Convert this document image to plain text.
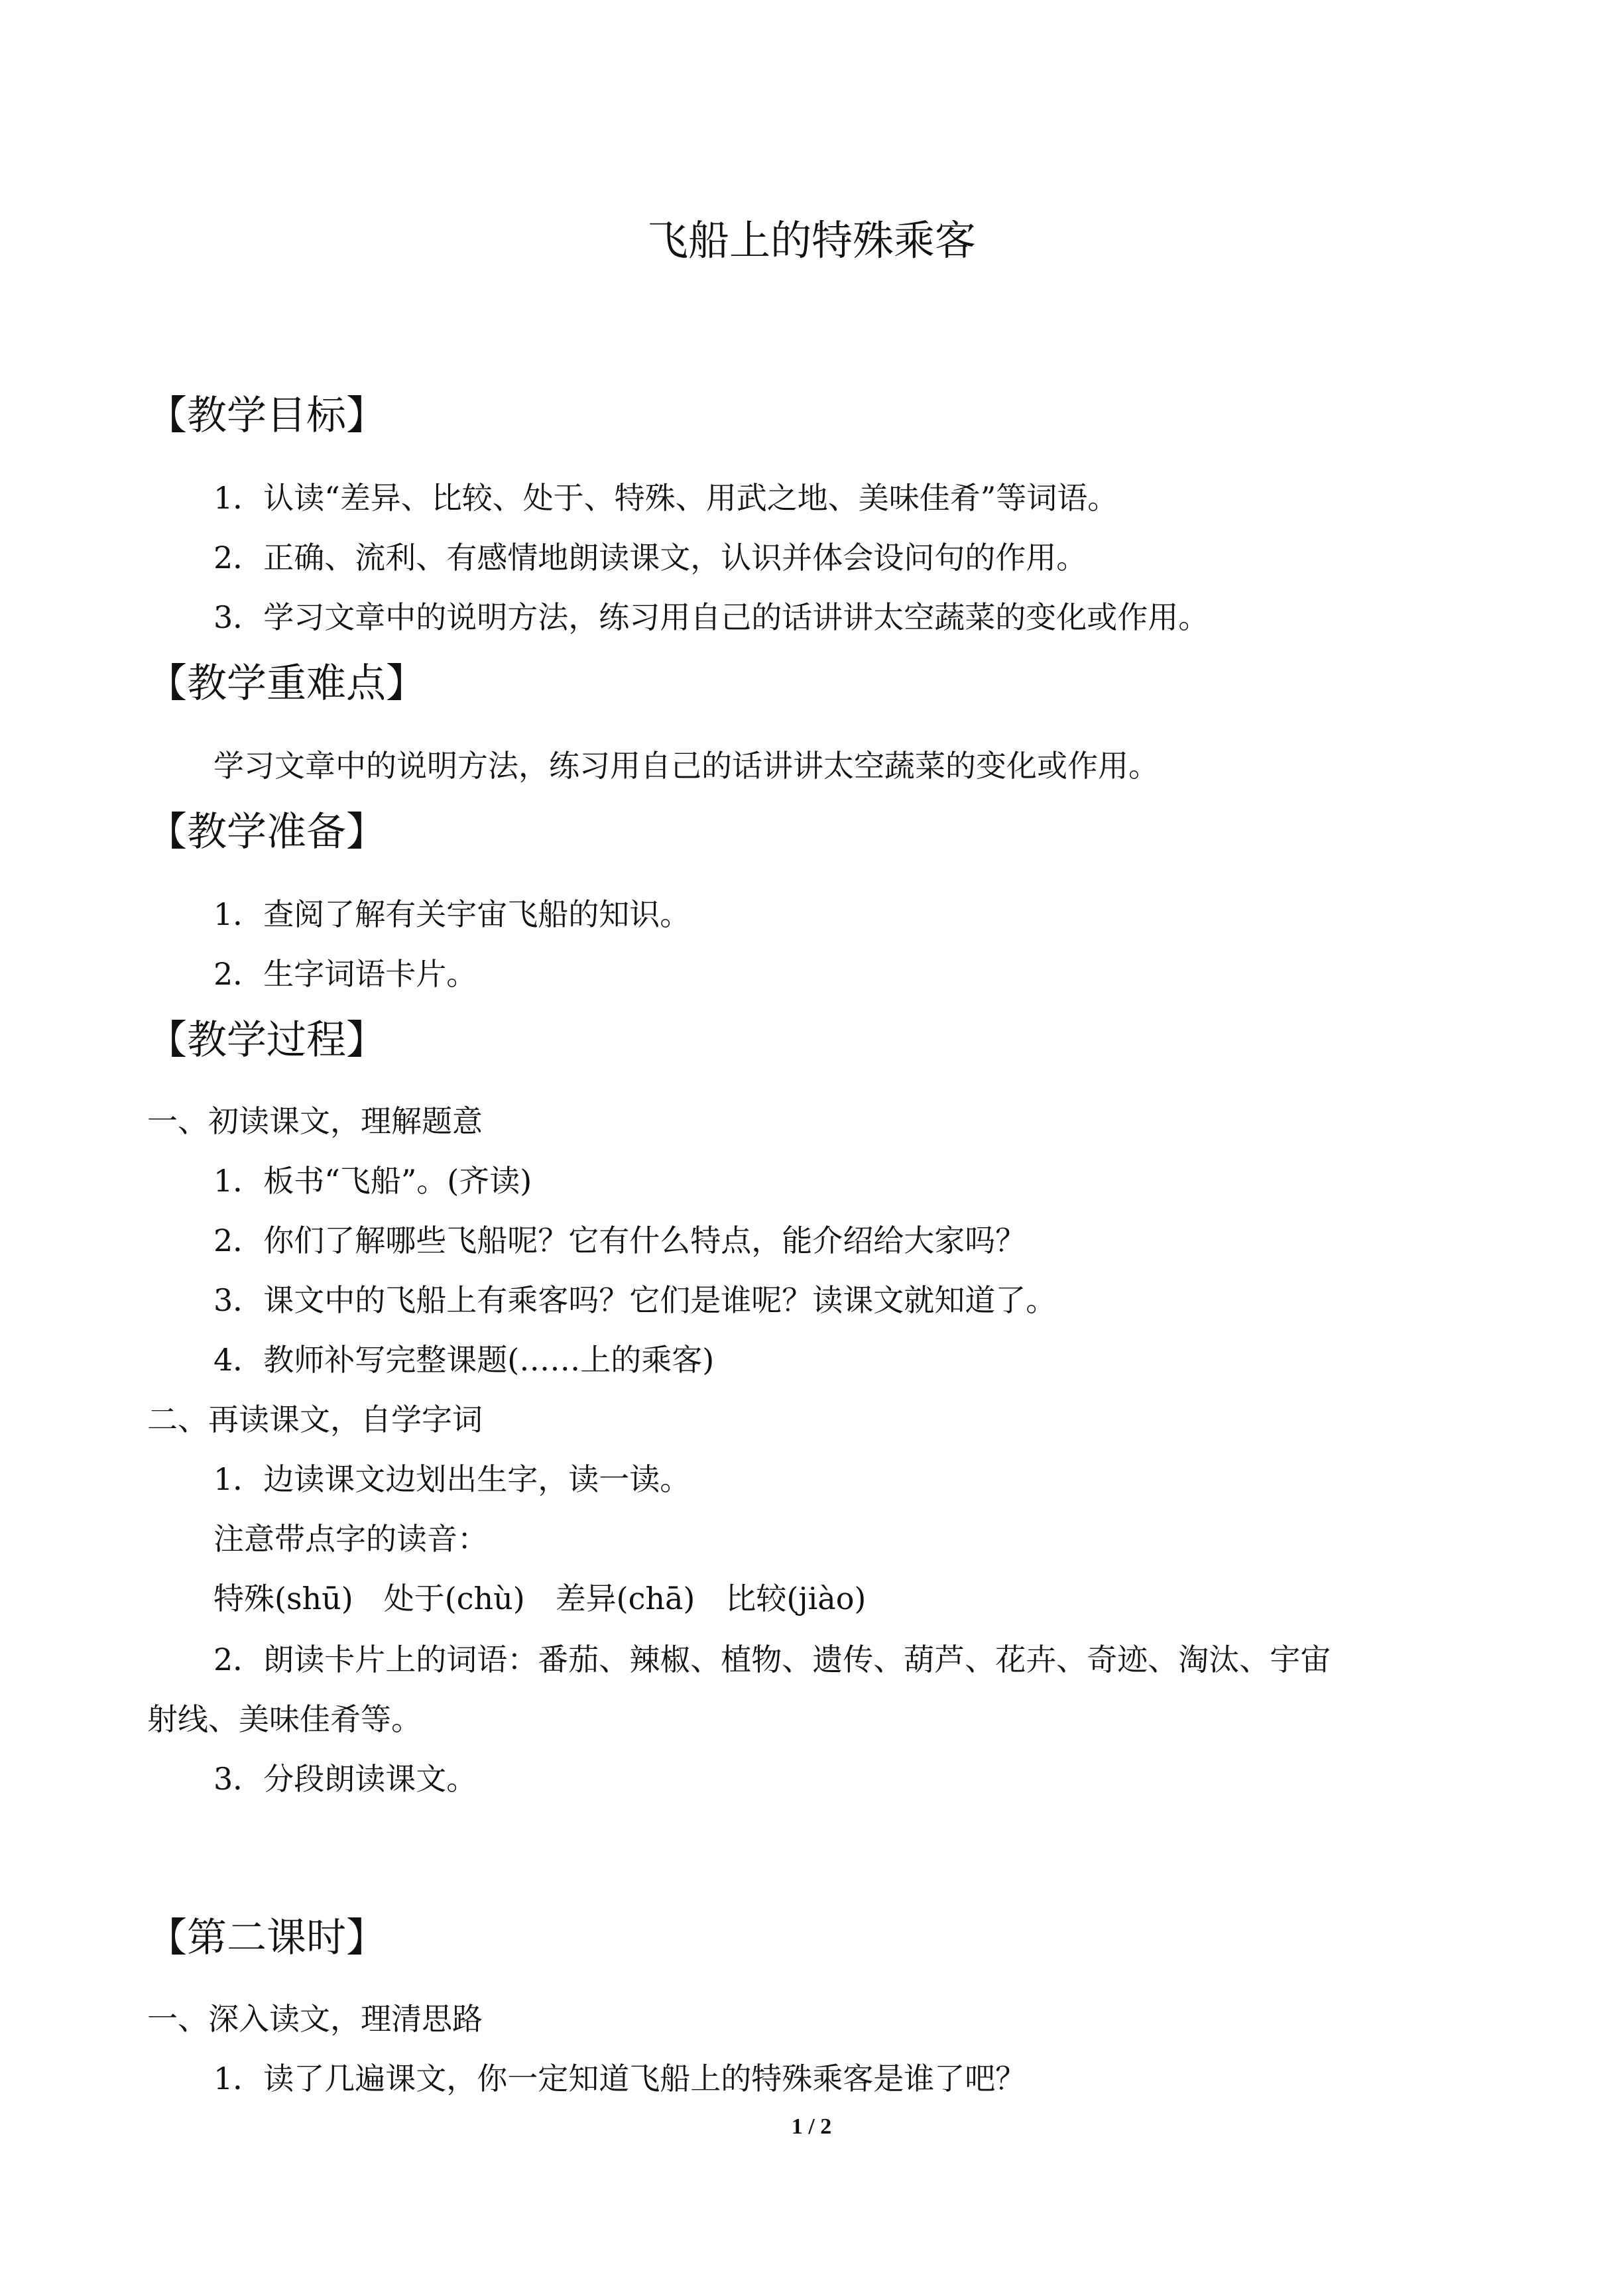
飞船上的特殊乘客
【教学目标】
1．认读“差异、比较、处于、特殊、用武之地、美味佳肴”等词语。
2．正确、流利、有感情地朗读课文，认识并体会设问句的作用。
3．学习文章中的说明方法，练习用自己的话讲讲太空蔬菜的变化或作用。
【教学重难点】
学习文章中的说明方法，练习用自己的话讲讲太空蔬菜的变化或作用。
【教学准备】
1．查阅了解有关宇宙飞船的知识。
2．生字词语卡片。
【教学过程】
一、初读课文，理解题意
1．板书“飞船”。(齐读)
2．你们了解哪些飞船呢？它有什么特点，能介绍给大家吗？
3．课文中的飞船上有乘客吗？它们是谁呢？读课文就知道了。
4．教师补写完整课题(……上的乘客)
二、再读课文，自学字词
1．边读课文边划出生字，读一读。
注意带点字的读音：
特殊(shū)　处于(chù)　差异(chā)　比较(jiào)
2．朗读卡片上的词语：番茄、辣椒、植物、遗传、葫芦、花卉、奇迹、淘汰、宇宙
射线、美味佳肴等。
3．分段朗读课文。
【第二课时】
一、深入读文，理清思路
1．读了几遍课文，你一定知道飞船上的特殊乘客是谁了吧？
1 / 2
